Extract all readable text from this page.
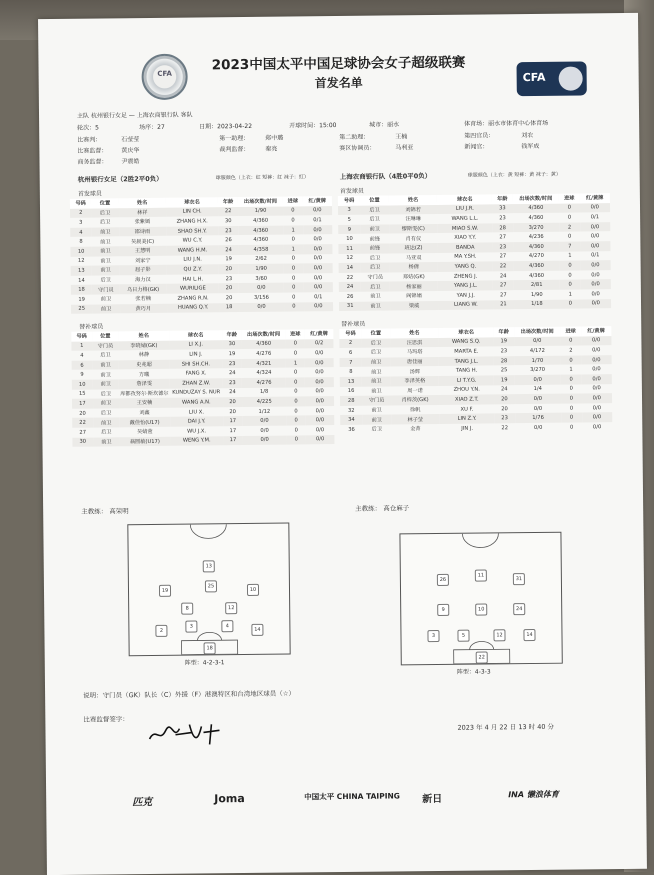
CFA	CFA
2023中国太平中国足球协会女子超级联赛
首发名单
主队 杭州银行女足 — 上海农商银行队 客队
轮次：5	场序：27	日期：2023-04-22	开球时间：15:00	城市：丽水	体育场：丽水市体育中心体育场
比赛判：	石莹莹	第一助理：	郑中璐	第二助理：	王楠	第四官员：	刘农
比赛监督： 黄庆华	裁判监督：	秦亮	赛区协调员：	马利亚	新闻官：	钱军成
商务监督： 尹震皓
杭州银行女足（2胜2平0负）	球服颜色（上衣：红 短裤：红 袜子：红）	上海农商银行队（4胜0平0负）	球服颜色（上衣：黄 短裤：黄 袜子：黄）
首发球员	首发球员
号码	位置	姓名	球衣名	年龄	出场次数/时间	进球	红/黄牌
2	后卫	林祥	LIN CH.	22	1/90	0	0/0
3	后卫	张紫嫣	ZHANG H.X.	30	4/360	0	0/1
4	前卫	邵诗雨	SHAO SH.Y.	23	4/360	1	0/0
8	前卫	吴晨美(C)	WU C.Y.	26	4/360	0	0/0
10	前卫	王慧明	WANG H.M.	24	4/358	1	0/0
12	前卫	刘家宁	LIU J.N.	19	2/62	0	0/0
13	前卫	屈子影	QU Z.Y.	20	1/90	0	0/0
14	后卫	海力汉	HAI L.H.	23	3/60	0	0/0
18	守门员	乌日力格(GK)	WURILIGE	20	0/0	0	0/0
19	前卫	张若楠	ZHANG R.N.	20	3/156	0	0/1
25	前卫	黄巧月	HUANG Q.Y.	18	0/0	0	0/0
号码	位置	姓名	球衣名	年龄	出场次数/时间	进球	红/黄牌
3	后卫	刘锦若	LIU J.R.	33	4/360	0	0/0
5	后卫	汪琳琳	WANG L.L.	23	4/360	0	0/1
9	前卫	缪斯雯(C)	MIAO S.W.	28	3/270	2	0/0
10	前锋	肖有仪	XIAO Y.Y.	27	4/236	0	0/0
11	前锋	班达(Z)	BANDA	23	4/360	7	0/0
12	后卫	马亚双	MA Y.SH.	27	4/270	1	0/1
14	后卫	杨倩	YANG Q.	22	4/360	0	0/0
22	守门员	郑姞(GK)	ZHENG J.	24	4/360	0	0/0
24	后卫	杨家丽	YANG J.L.	27	2/81	0	0/0
26	前卫	阎锦娟	YAN J.J.	27	1/90	1	0/0
31	前卫	梁威	LIANG W.	21	1/18	0	0/0
替补球员	替补球员
号码	位置	姓名	球衣名	年龄	出场次数/时间	进球	红/黄牌
1	守门员	李晓婧(GK)	LI X.J.	30	4/360	0	0/2
4	后卫	林静	LIN J.	19	4/276	0	0/0
6	前卫	史兆超	SHI SH.CH.	23	4/321	1	0/0
9	前卫	方曦	FANG X.	24	4/324	0	0/0
10	前卫	詹泽雯	ZHAN Z.W.	23	4/276	0	0/0
15	后卫	库都孜努尔·斯坎德尔	KUNDUZAY S. NUR	24	1/8	0	0/0
17	前卫	王安楠	WANG A.N.	20	4/225	0	0/0
20	后卫	刘鑫	LIU X.	20	1/12	0	0/0
22	前卫	戴佳怡(U17)	DAI J.Y.	17	0/0	0	0/0
27	后卫	吴婧萱	WU J.X.	17	0/0	0	0/0
30	前卫	翁圆敏(U17)	WENG Y.M.	17	0/0	0	0/0
号码	位置	姓名	球衣名	年龄	出场次数/时间	进球	红/黄牌
2	后卫	汪思淇	WANG S.Q.	19	0/0	0	0/0
6	后卫	马玛塔	MARTA E.	23	4/172	2	0/0
7	前卫	唐佳丽	TANG J.L.	28	1/70	0	0/0
8	前卫	汤辉	TANG H.	25	3/270	1	0/0
13	前卫	李泽英格	LI T.Y.G.	19	0/0	0	0/0
16	前卫	周一诺	ZHOU Y.N.	24	1/4	0	0/0
28	守门员	肖梓茨(GK)	XIAO Z.T.	20	0/0	0	0/0
32	前卫	徐帆	XU F.	20	0/0	0	0/0
34	前卫	林子莹	LIN Z.Y.	23	1/76	0	0/0
36	后卫	金菁	JIN J.	22	0/0	0	0/0
主教练： 高荣明	主教练： 高仓麻子
18
2
3	4
14
8	12
19
25
10
13
阵型：4-2-3-1
22
3	5	12	14
9	10	24
26
11
31
阵型：4-3-3
说明：守门员（GK）队长（C）外援（F）港澳特区和台湾地区球员（☆）
比赛监督签字：
2023 年 4 月 22 日 13 时 40 分
匹克	Joma	中国太平 CHINA TAIPING 新日	INA 懒浪体育
